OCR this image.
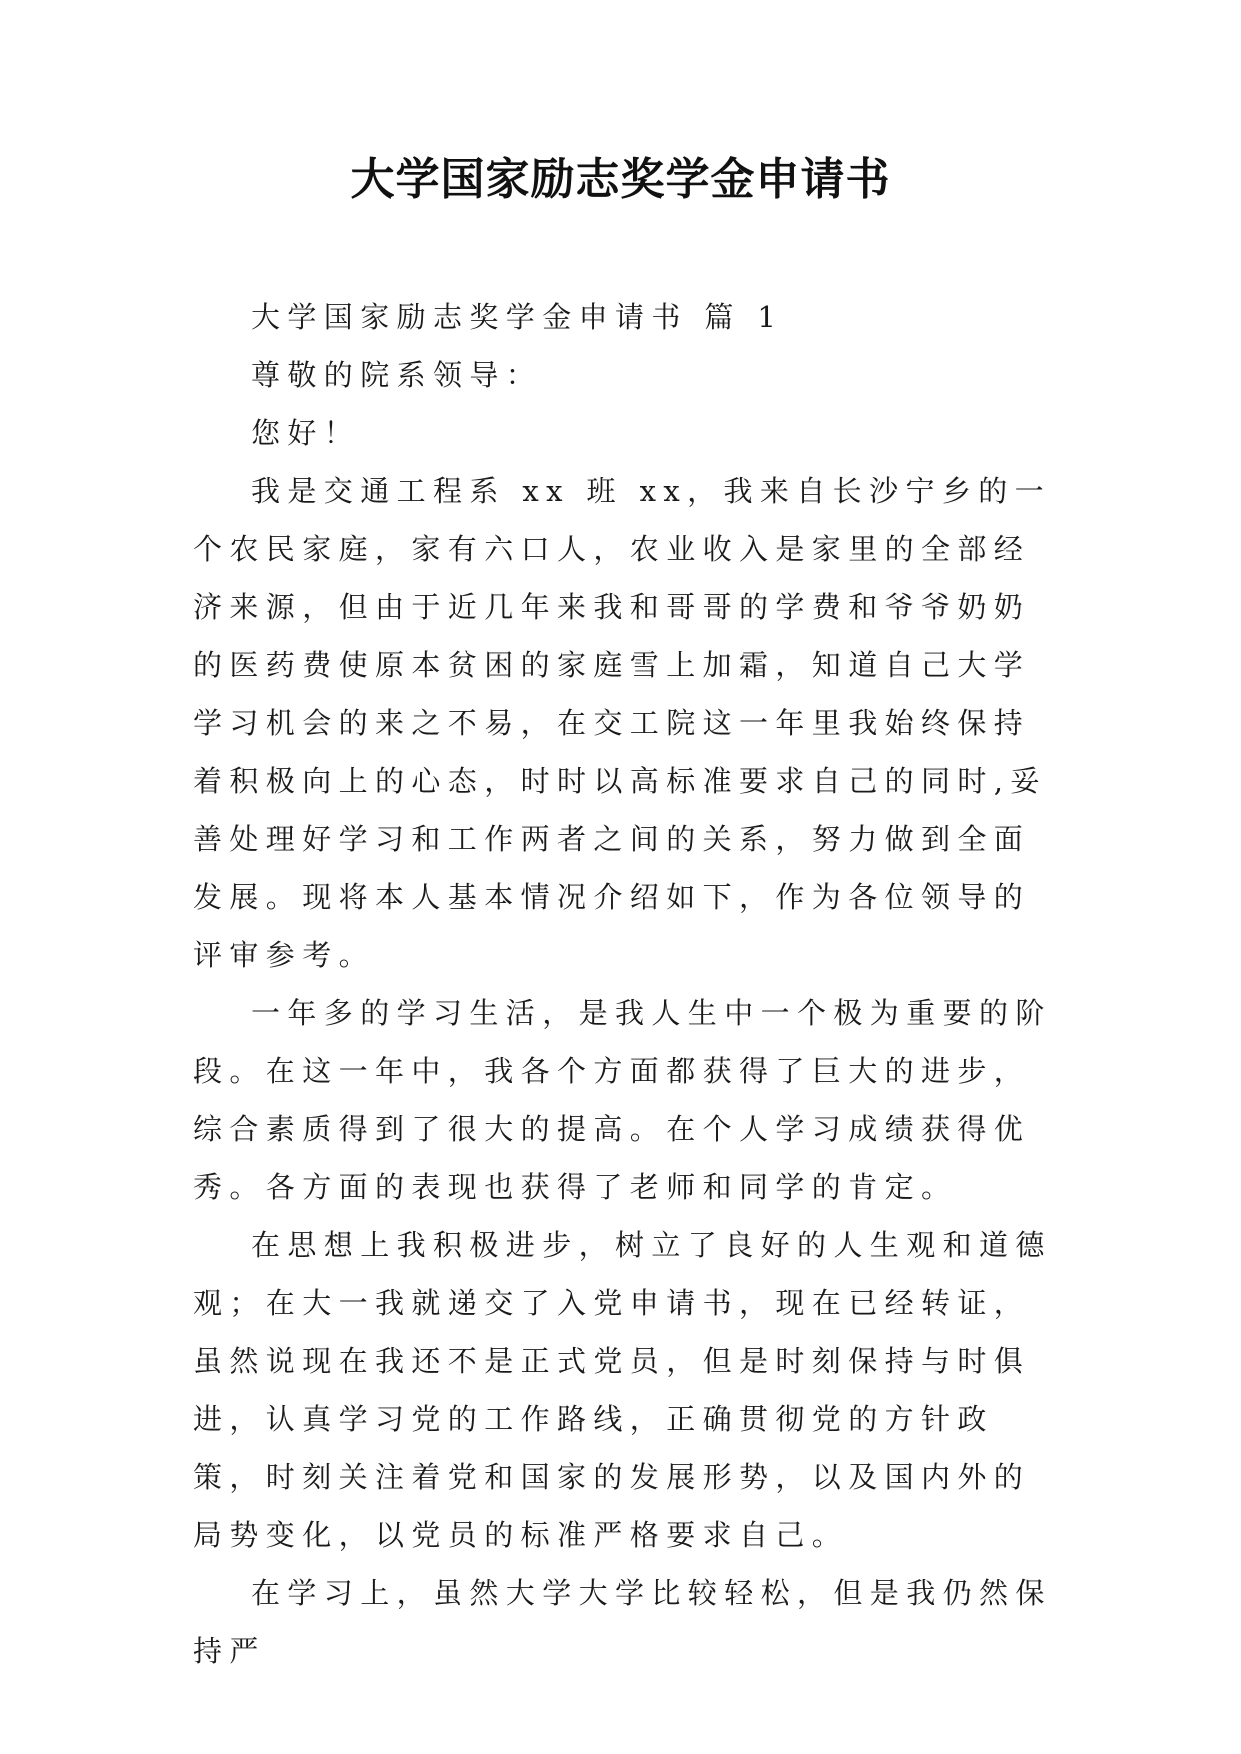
大学国家励志奖学金申请书

大学国家励志奖学金申请书 篇 1

尊敬的院系领导：

您好！

我是交通工程系 xx 班 xx，我来自长沙宁乡的一个农民家庭，家有六口人，农业收入是家里的全部经济来源，但由于近几年来我和哥哥的学费和爷爷奶奶的医药费使原本贫困的家庭雪上加霜，知道自己大学学习机会的来之不易，在交工院这一年里我始终保持着积极向上的心态，时时以高标准要求自己的同时,妥善处理好学习和工作两者之间的关系，努力做到全面发展。现将本人基本情况介绍如下，作为各位领导的评审参考。

一年多的学习生活，是我人生中一个极为重要的阶段。在这一年中，我各个方面都获得了巨大的进步，综合素质得到了很大的提高。在个人学习成绩获得优秀。各方面的表现也获得了老师和同学的肯定。

在思想上我积极进步，树立了良好的人生观和道德观；在大一我就递交了入党申请书，现在已经转证，虽然说现在我还不是正式党员，但是时刻保持与时俱进，认真学习党的工作路线，正确贯彻党的方针政策，时刻关注着党和国家的发展形势，以及国内外的局势变化，以党员的标准严格要求自己。

在学习上，虽然大学大学比较轻松，但是我仍然保持严
